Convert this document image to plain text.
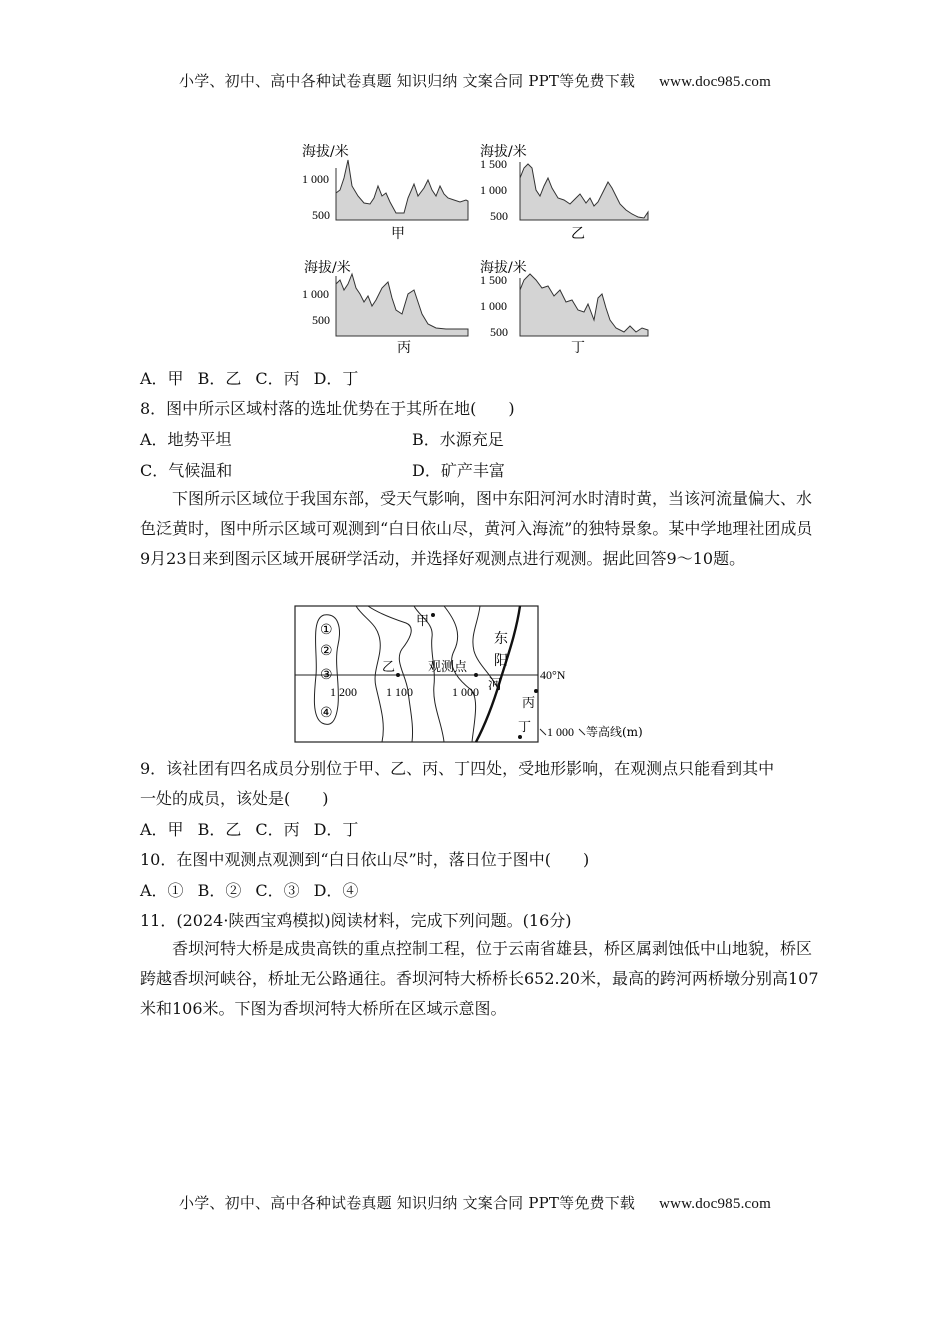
小学、初中、高中各种试卷真题 知识归纳 文案合同 PPT等免费下载 www.doc985.com
海拔/米
1 000
500
甲
海拔/米
1 500
1 000
500
乙
海拔/米
1 000
500
丙
海拔/米
1 500
1 000
500
丁
A．甲 B．乙 C．丙 D．丁
8．图中所示区域村落的选址优势在于其所在地(　　)
A．地势平坦	B．水源充足
C．气候温和	D．矿产丰富
下图所示区域位于我国东部，受天气影响，图中东阳河河水时清时黄，当该河流量偏大、水色泛黄时，图中所示区域可观测到“白日依山尽，黄河入海流”的独特景象。某中学地理社团成员9月23日来到图示区域开展研学活动，并选择好观测点进行观测。据此回答9～10题。
①
②
③
④
甲
乙	观测点
东
阳
河
丙
丁
1 200 1 100	1 000
40°N
1 000 等高线(m)
9．该社团有四名成员分别位于甲、乙、丙、丁四处，受地形影响，在观测点只能看到其中
一处的成员，该处是(　　)
A．甲 B．乙 C．丙 D．丁
10．在图中观测点观测到“白日依山尽”时，落日位于图中(　　)
A．① B．② C．③ D．④
11．(2024·陕西宝鸡模拟)阅读材料，完成下列问题。(16分)
香坝河特大桥是成贵高铁的重点控制工程，位于云南省雄县，桥区属剥蚀低中山地貌，桥区跨越香坝河峡谷，桥址无公路通往。香坝河特大桥桥长652.20米，最高的跨河两桥墩分别高107米和106米。下图为香坝河特大桥所在区域示意图。
小学、初中、高中各种试卷真题 知识归纳 文案合同 PPT等免费下载 www.doc985.com
